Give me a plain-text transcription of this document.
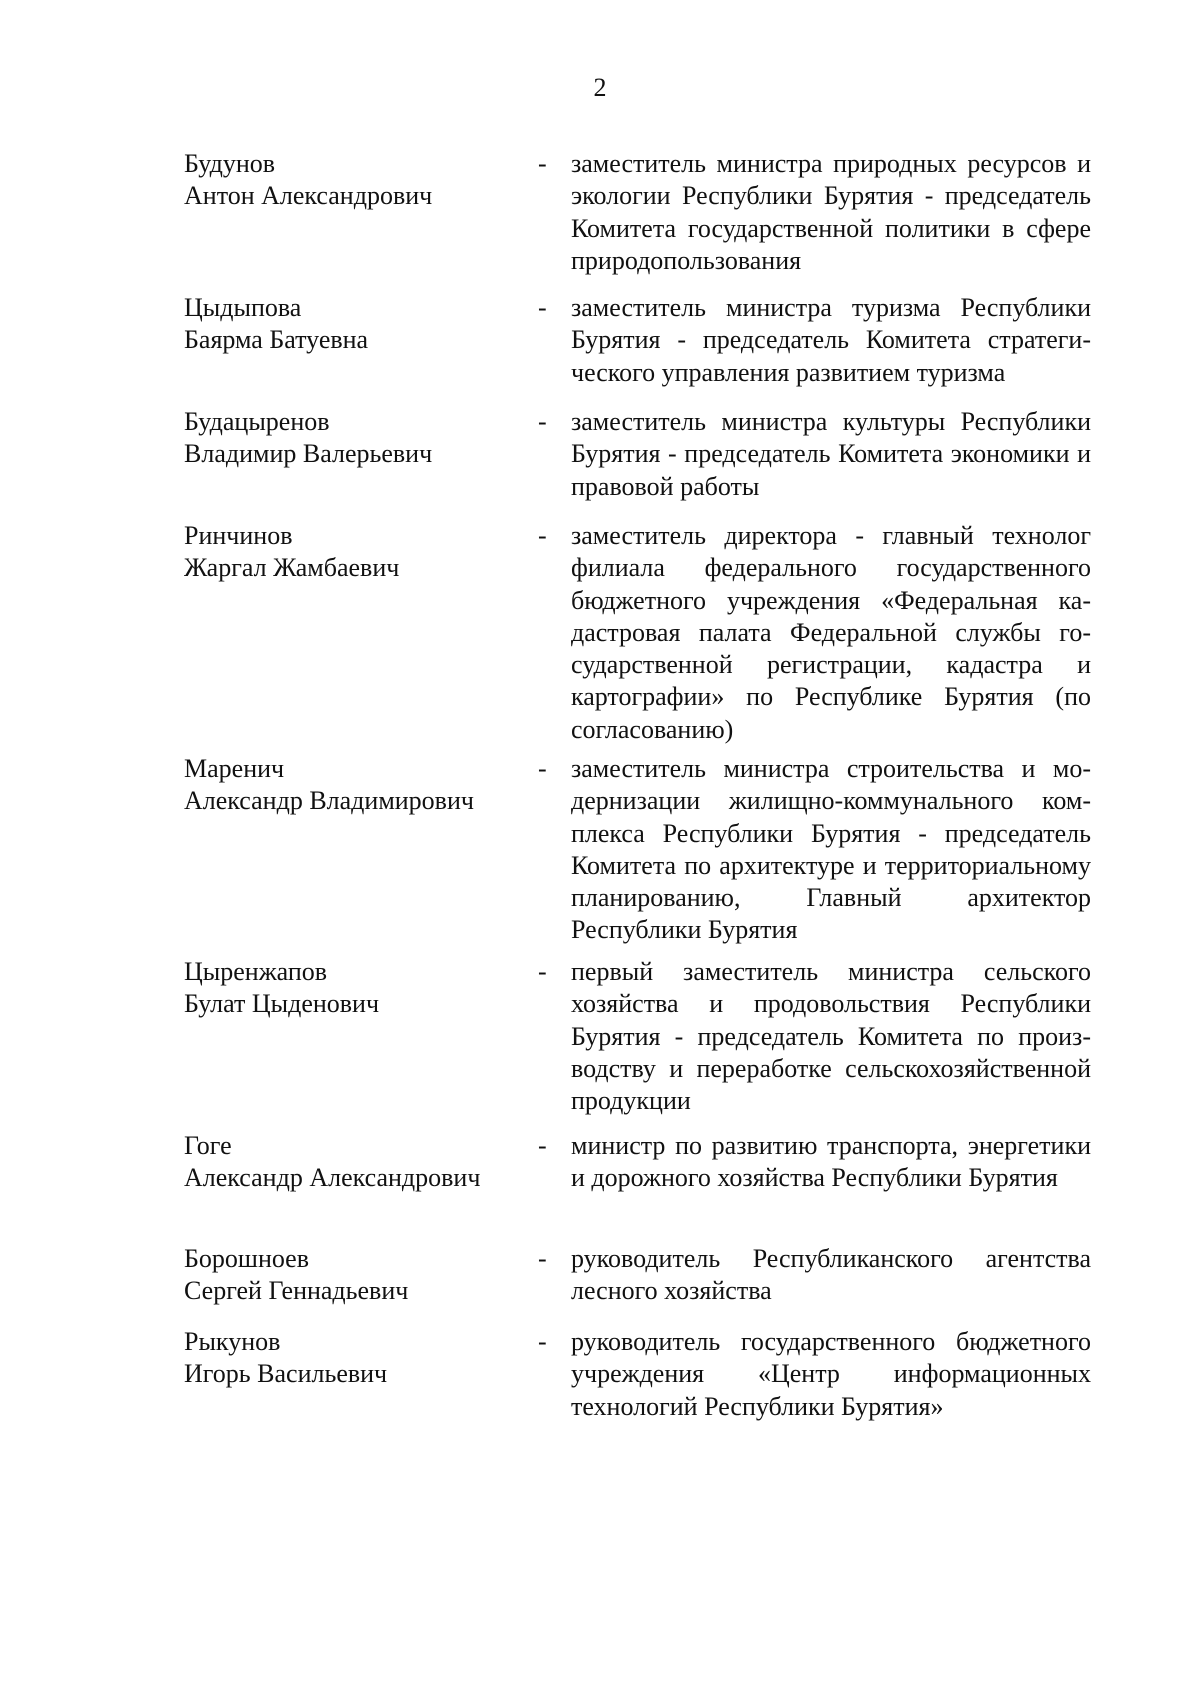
2
Будунов
Антон Александрович
- заместитель министра природных ресурсов и экологии Республики Бурятия - председатель Комитета государственной политики в сфере природопользования
Цыдыпова
Баярма Батуевна
- заместитель министра туризма Республики Бурятия - председатель Комитета стратегического управления развитием туризма
Будацыренов
Владимир Валерьевич
- заместитель министра культуры Республики Бурятия - председатель Комитета экономики и правовой работы
Ринчинов
Жаргал Жамбаевич
- заместитель директора - главный технолог филиала федерального государственного бюджетного учреждения «Федеральная кадастровая палата Федеральной службы государственной регистрации, кадастра и картографии» по Республике Бурятия (по согласованию)
Маренич
Александр Владимирович
- заместитель министра строительства и модернизации жилищно-коммунального комплекса Республики Бурятия - председатель Комитета по архитектуре и территориальному планированию, Главный архитектор Республики Бурятия
Цыренжапов
Булат Цыденович
- первый заместитель министра сельского хозяйства и продовольствия Республики Бурятия - председатель Комитета по производству и переработке сельскохозяйственной продукции
Гоге
Александр Александрович
- министр по развитию транспорта, энергетики и дорожного хозяйства Республики Бурятия
Борошноев
Сергей Геннадьевич
- руководитель Республиканского агентства лесного хозяйства
Рыкунов
Игорь Васильевич
- руководитель государственного бюджетного учреждения «Центр информационных технологий Республики Бурятия»
